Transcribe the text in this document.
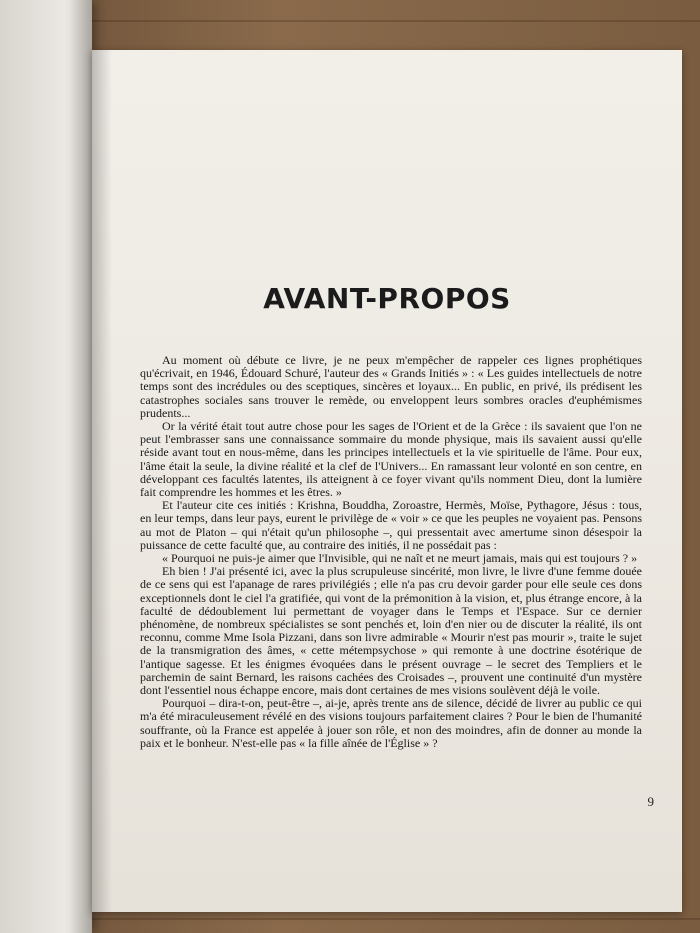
AVANT-PROPOS

Au moment où débute ce livre, je ne peux m'empêcher de rappeler ces lignes prophétiques qu'écrivait, en 1946, Édouard Schuré, l'auteur des « Grands Initiés » : « Les guides intellectuels de notre temps sont des incrédules ou des sceptiques, sincères et loyaux... En public, en privé, ils prédisent les catastrophes sociales sans trouver le remède, ou enveloppent leurs sombres oracles d'euphémismes prudents...

Or la vérité était tout autre chose pour les sages de l'Orient et de la Grèce : ils savaient que l'on ne peut l'embrasser sans une connaissance sommaire du monde physique, mais ils savaient aussi qu'elle réside avant tout en nous-même, dans les principes intellectuels et la vie spirituelle de l'âme. Pour eux, l'âme était la seule, la divine réalité et la clef de l'Univers... En ramassant leur volonté en son centre, en développant ces facultés latentes, ils atteignent à ce foyer vivant qu'ils nomment Dieu, dont la lumière fait comprendre les hommes et les êtres. »

Et l'auteur cite ces initiés : Krishna, Bouddha, Zoroastre, Hermès, Moïse, Pythagore, Jésus : tous, en leur temps, dans leur pays, eurent le privilège de « voir » ce que les peuples ne voyaient pas. Pensons au mot de Platon – qui n'était qu'un philosophe –, qui pressentait avec amertume sinon désespoir la puissance de cette faculté que, au contraire des initiés, il ne possédait pas :

« Pourquoi ne puis-je aimer que l'Invisible, qui ne naît et ne meurt jamais, mais qui est toujours ? »

Eh bien ! J'ai présenté ici, avec la plus scrupuleuse sincérité, mon livre, le livre d'une femme douée de ce sens qui est l'apanage de rares privilégiés ; elle n'a pas cru devoir garder pour elle seule ces dons exceptionnels dont le ciel l'a gratifiée, qui vont de la prémonition à la vision, et, plus étrange encore, à la faculté de dédoublement lui permettant de voyager dans le Temps et l'Espace. Sur ce dernier phénomène, de nombreux spécialistes se sont penchés et, loin d'en nier ou de discuter la réalité, ils ont reconnu, comme Mme Isola Pizzani, dans son livre admirable « Mourir n'est pas mourir », traite le sujet de la transmigration des âmes, « cette métempsychose » qui remonte à une doctrine ésotérique de l'antique sagesse. Et les énigmes évoquées dans le présent ouvrage – le secret des Templiers et le parchemin de saint Bernard, les raisons cachées des Croisades –, prouvent une continuité d'un mystère dont l'essentiel nous échappe encore, mais dont certaines de mes visions soulèvent déjà le voile.

Pourquoi – dira-t-on, peut-être –, ai-je, après trente ans de silence, décidé de livrer au public ce qui m'a été miraculeusement révélé en des visions toujours parfaitement claires ? Pour le bien de l'humanité souffrante, où la France est appelée à jouer son rôle, et non des moindres, afin de donner au monde la paix et le bonheur. N'est-elle pas « la fille aînée de l'Église » ?

9
